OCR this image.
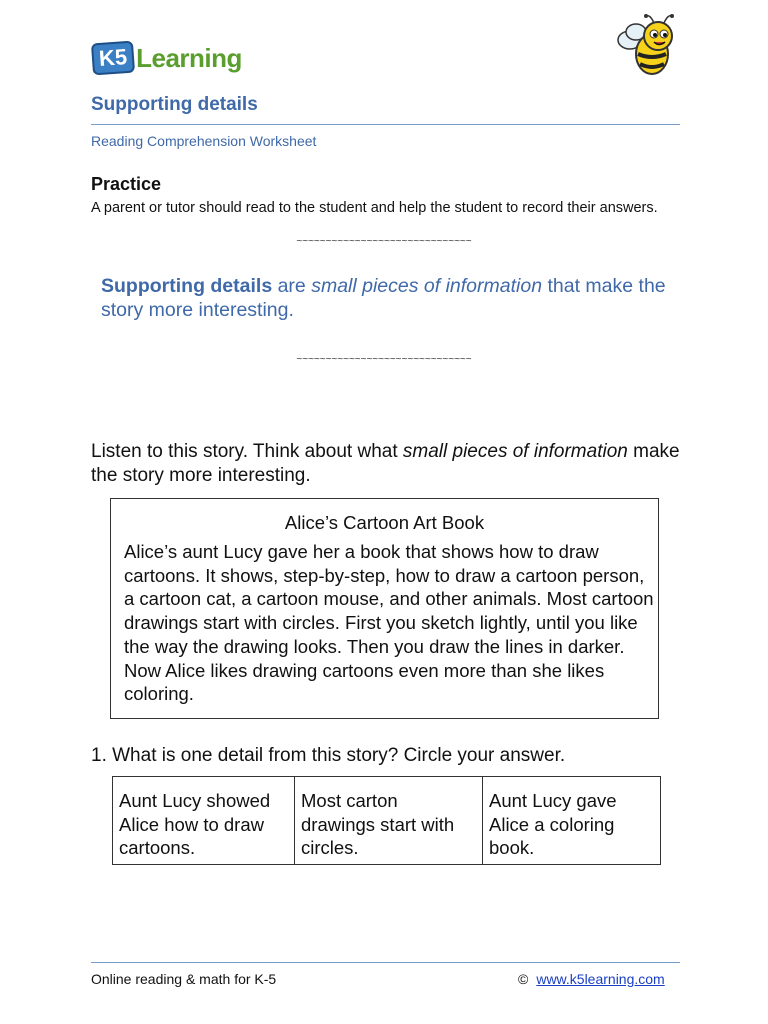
K5 Learning
Supporting details
Reading Comprehension Worksheet
Practice
A parent or tutor should read to the student and help the student to record their answers.
~~~~~~~~~~~~~~~~~~~~~~~~~~~~~~
Supporting details are small pieces of information that make the story more interesting.
~~~~~~~~~~~~~~~~~~~~~~~~~~~~~~
Listen to this story. Think about what small pieces of information make the story more interesting.
Alice’s Cartoon Art Book
Alice’s aunt Lucy gave her a book that shows how to draw cartoons. It shows, step-by-step, how to draw a cartoon person, a cartoon cat, a cartoon mouse, and other animals. Most cartoon drawings start with circles. First you sketch lightly, until you like the way the drawing looks. Then you draw the lines in darker. Now Alice likes drawing cartoons even more than she likes coloring.
1. What is one detail from this story? Circle your answer.
Aunt Lucy showed Alice how to draw cartoons.	Most carton drawings start with circles.	Aunt Lucy gave Alice a coloring book.
Online reading & math for K-5	© www.k5learning.com
